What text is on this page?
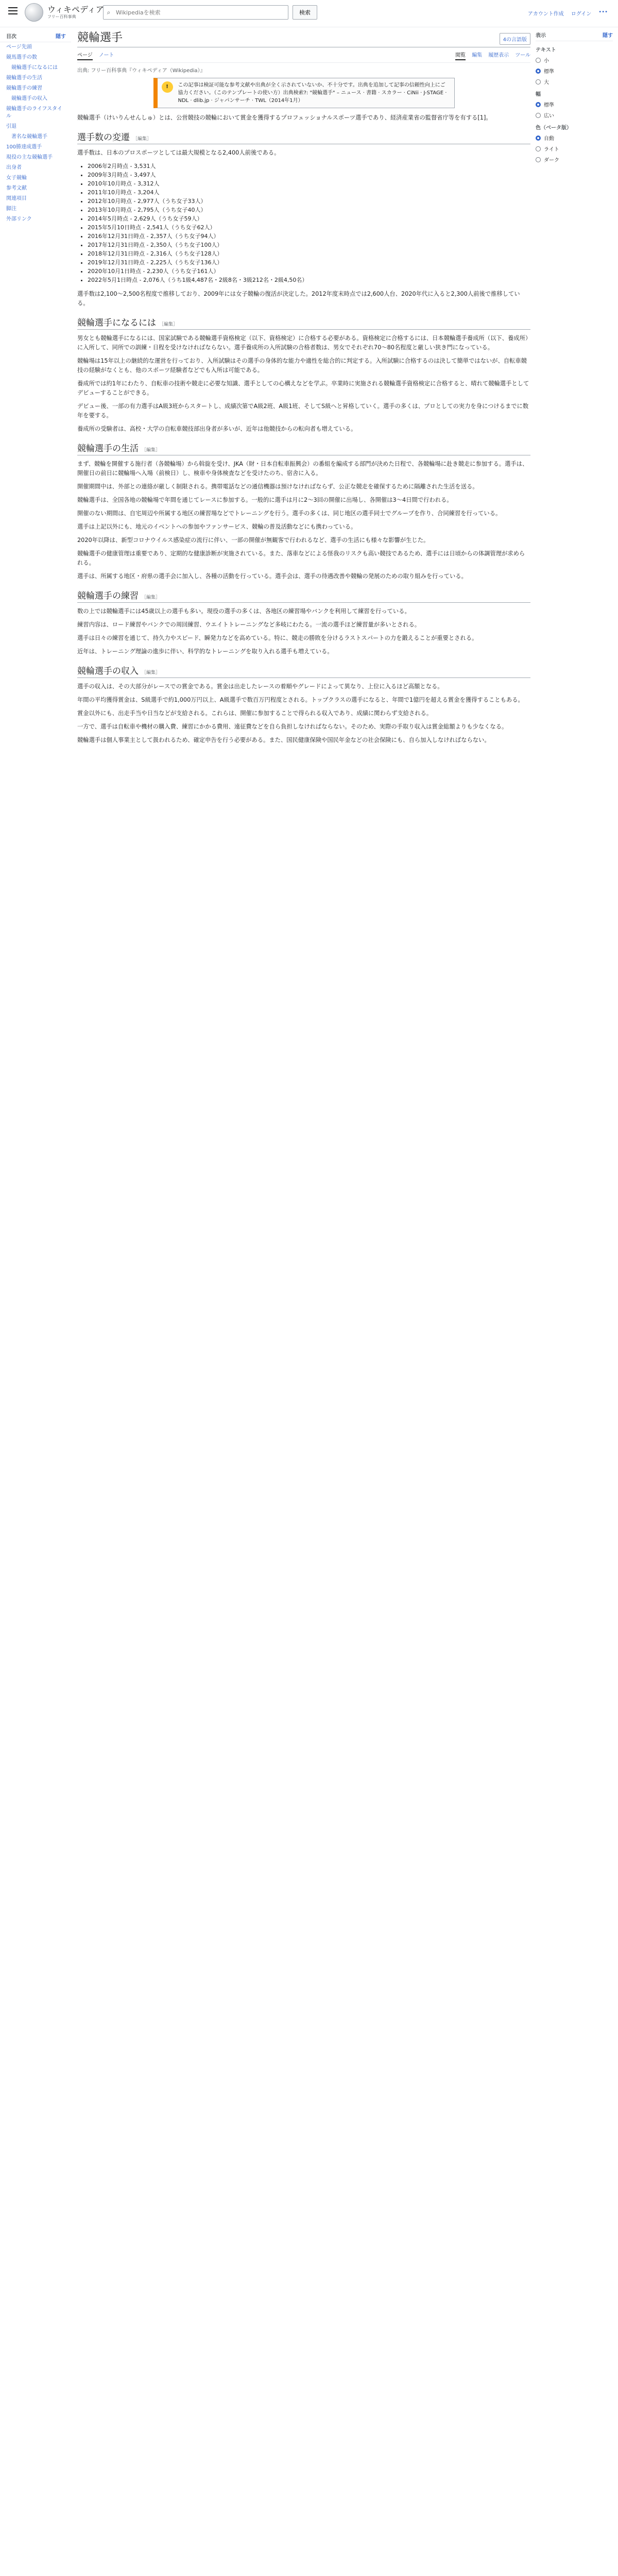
ウィキペディア
フリー百科事典
⌕
Wikipediaを検索	検索	アカウント作成 ログイン •••
目次	隠す
ページ先頭
競馬選手の数
競輪選手になるには
競輪選手の生活
競輪選手の練習
競輪選手の収入
競輪選手のライフスタイル
引退
著名な競輪選手
100勝達成選手
現役の主な競輪選手
出身者
女子競輪
参考文献
関連項目
脚注
外部リンク
競輪選手	4の言語版
ページ ノート	閲覧 編集 履歴表示 ツール
出典: フリー百科事典『ウィキペディア（Wikipedia）』
!	この記事は検証可能な参考文献や出典が全く示されていないか、不十分です。出典を追加して記事の信頼性向上にご協力ください。（このテンプレートの使い方）出典検索?: "競輪選手" – ニュース · 書籍 · スカラー · CiNii · J-STAGE · NDL · dlib.jp · ジャパンサーチ · TWL（2014年1月）

競輪選手（けいりんせんしゅ）とは、公営競技の競輪において賞金を獲得するプロフェッショナルスポーツ選手であり、経済産業省の監督省庁等を有する[1]。

選手数の変遷 ［編集］

選手数は、日本のプロスポーツとしては最大規模となる2,400人前後である。

• 2006年2月時点 - 3,531人
• 2009年3月時点 - 3,497人
• 2010年10月時点 - 3,312人
• 2011年10月時点 - 3,204人
• 2012年10月時点 - 2,977人（うち女子33人）
• 2013年10月時点 - 2,795人（うち女子40人）
• 2014年5月時点 - 2,629人（うち女子59人）
• 2015年5月10日時点 - 2,541人（うち女子62人）
• 2016年12月31日時点 - 2,357人（うち女子94人）
• 2017年12月31日時点 - 2,350人（うち女子100人）
• 2018年12月31日時点 - 2,316人（うち女子128人）
• 2019年12月31日時点 - 2,225人（うち女子136人）
• 2020年10月1日時点 - 2,230人（うち女子161人）
• 2022年5月1日時点 - 2,076人（うち1級4,487名・2級8名・3級212名・2級4,50名）

選手数は2,100〜2,500名程度で推移しており、2009年には女子競輪の復活が決定した。2012年度末時点では2,600人台、2020年代に入ると2,300人前後で推移している。

競輪選手になるには ［編集］

男女とも競輪選手になるには、国家試験である競輪選手資格検定（以下、資格検定）に合格する必要がある。資格検定に合格するには、日本競輪選手養成所（以下、養成所）に入所して、同所での訓練・日程を受けなければならない。選手養成所の入所試験の合格者数は、男女でそれぞれ70〜80名程度と厳しい狭き門になっている。

競輪場は15年以上の継続的な運営を行っており、入所試験はその選手の身体的な能力や適性を総合的に判定する。入所試験に合格するのは決して簡単ではないが、自転車競技の経験がなくとも、他のスポーツ経験者などでも入所は可能である。

養成所では約1年にわたり、自転車の技術や競走に必要な知識、選手としての心構えなどを学ぶ。卒業時に実施される競輪選手資格検定に合格すると、晴れて競輪選手としてデビューすることができる。

デビュー後、一部の有力選手はA級3班からスタートし、成績次第でA級2班、A級1班、そしてS級へと昇格していく。選手の多くは、プロとしての実力を身につけるまでに数年を要する。

養成所の受験者は、高校・大学の自転車競技部出身者が多いが、近年は他競技からの転向者も増えている。

競輪選手の生活 ［編集］

まず、競輪を開催する施行者（各競輪場）から斡旋を受け、JKA（財・日本自転車振興会）の番組を編成する部門が決めた日程で、各競輪場に赴き競走に参加する。選手は、開催日の前日に競輪場へ入場（前検日）し、検車や身体検査などを受けたのち、宿舎に入る。

開催期間中は、外部との連絡が厳しく制限される。携帯電話などの通信機器は預けなければならず、公正な競走を確保するために隔離された生活を送る。

競輪選手は、全国各地の競輪場で年間を通じてレースに参加する。一般的に選手は月に2〜3回の開催に出場し、各開催は3〜4日間で行われる。

開催のない期間は、自宅周辺や所属する地区の練習場などでトレーニングを行う。選手の多くは、同じ地区の選手同士でグループを作り、合同練習を行っている。

選手は上記以外にも、地元のイベントへの参加やファンサービス、競輪の普及活動などにも携わっている。

2020年以降は、新型コロナウイルス感染症の流行に伴い、一部の開催が無観客で行われるなど、選手の生活にも様々な影響が生じた。

競輪選手の健康管理は重要であり、定期的な健康診断が実施されている。また、落車などによる怪我のリスクも高い競技であるため、選手には日頃からの体調管理が求められる。

選手は、所属する地区・府県の選手会に加入し、各種の活動を行っている。選手会は、選手の待遇改善や競輪の発展のための取り組みを行っている。

競輪選手の練習 ［編集］

数の上では競輪選手には45歳以上の選手も多い。現役の選手の多くは、各地区の練習場やバンクを利用して練習を行っている。

練習内容は、ロード練習やバンクでの周回練習、ウエイトトレーニングなど多岐にわたる。一流の選手ほど練習量が多いとされる。

選手は日々の練習を通じて、持久力やスピード、瞬発力などを高めている。特に、競走の勝敗を分けるラストスパートの力を鍛えることが重要とされる。

近年は、トレーニング理論の進歩に伴い、科学的なトレーニングを取り入れる選手も増えている。

競輪選手の収入 ［編集］

選手の収入は、その大部分がレースでの賞金である。賞金は出走したレースの着順やグレードによって異なり、上位に入るほど高額となる。

年間の平均獲得賞金は、S級選手で約1,000万円以上、A級選手で数百万円程度とされる。トップクラスの選手になると、年間で1億円を超える賞金を獲得することもある。

賞金以外にも、出走手当や日当などが支給される。これらは、開催に参加することで得られる収入であり、成績に関わらず支給される。

一方で、選手は自転車や機材の購入費、練習にかかる費用、遠征費などを自ら負担しなければならない。そのため、実際の手取り収入は賞金総額よりも少なくなる。

競輪選手は個人事業主として扱われるため、確定申告を行う必要がある。また、国民健康保険や国民年金などの社会保険にも、自ら加入しなければならない。

表示	隠す
テキスト
小
標準
大
幅
標準
広い
色（ベータ版）
自動
ライト
ダーク
